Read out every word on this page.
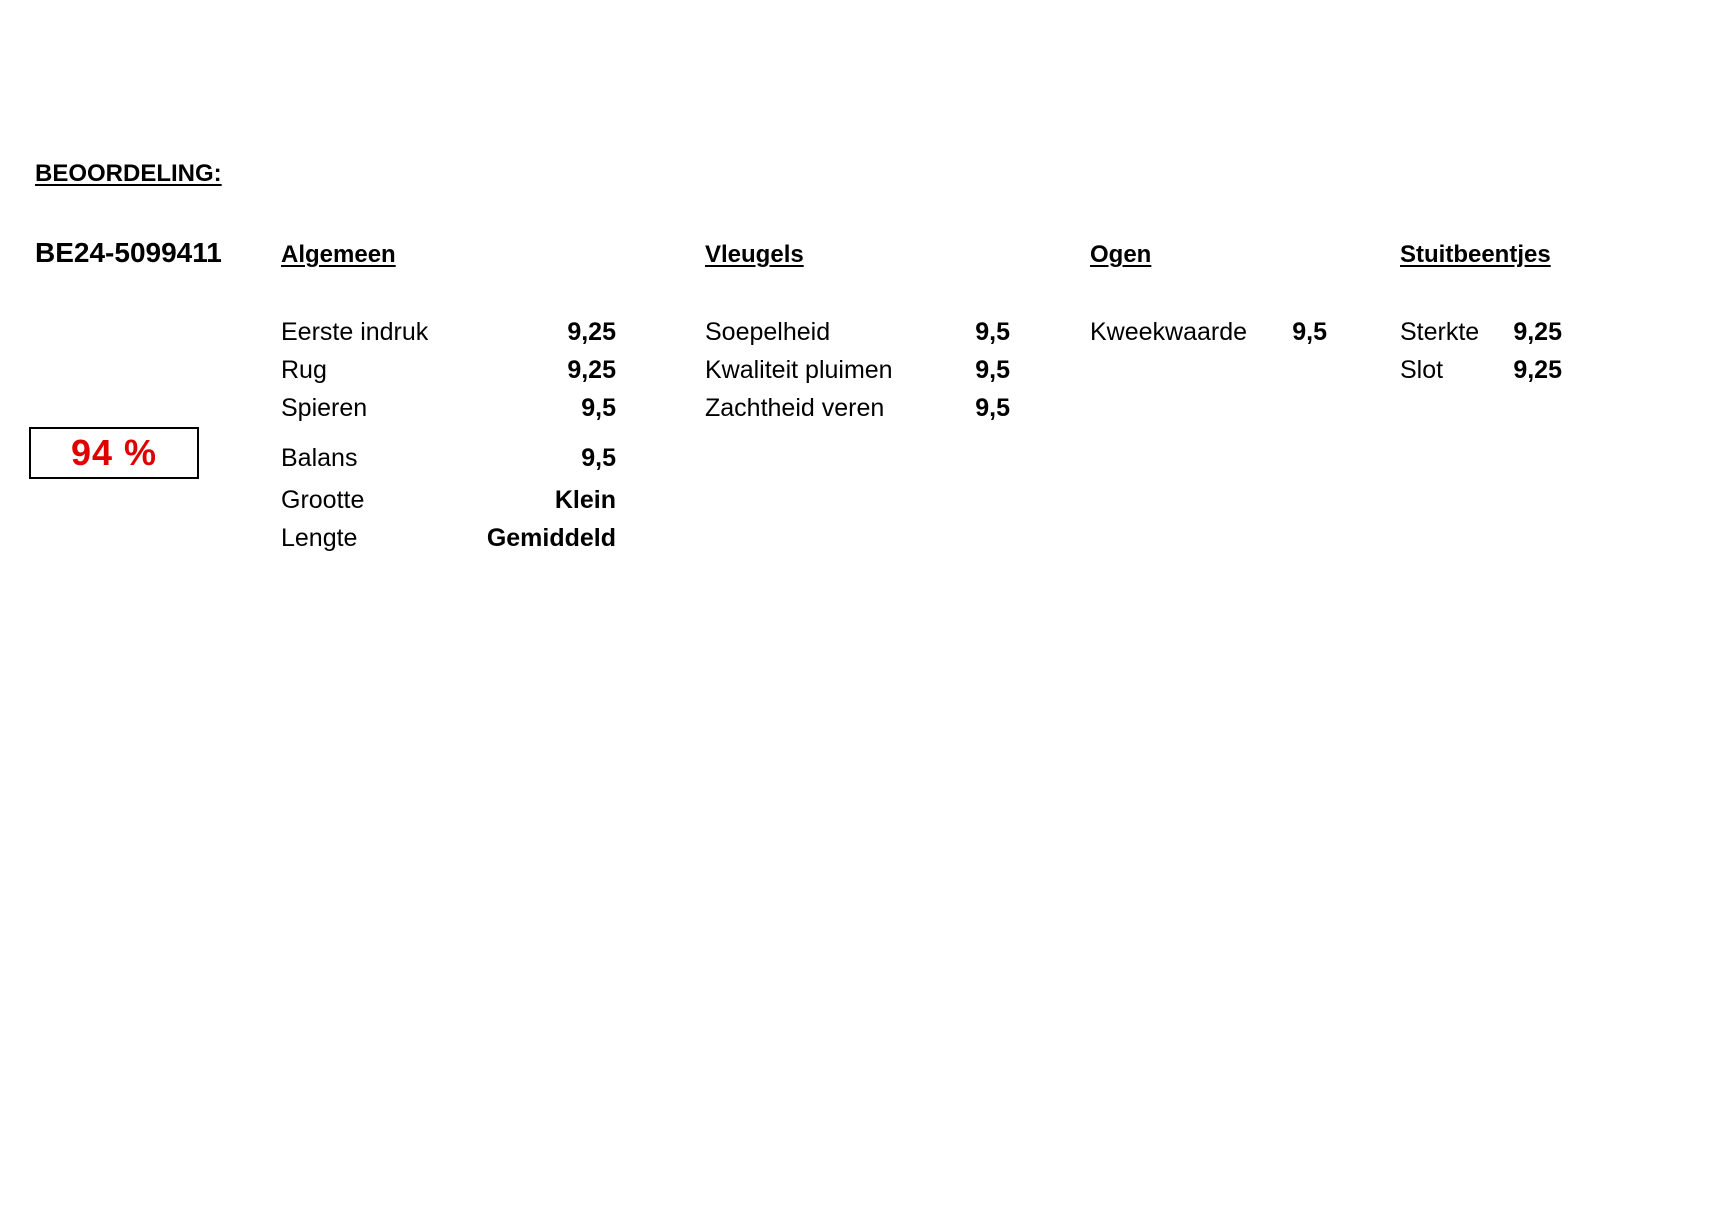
BEOORDELING:
BE24-5099411
94 %
Algemeen
Eerste indruk	9,25
Rug	9,25
Spieren	9,5
Balans	9,5
Grootte	Klein
Lengte	Gemiddeld
Vleugels
Soepelheid	9,5
Kwaliteit pluimen	9,5
Zachtheid veren	9,5
Ogen
Kweekwaarde 9,5
Stuitbeentjes
Sterkte 9,25
Slot	9,25
